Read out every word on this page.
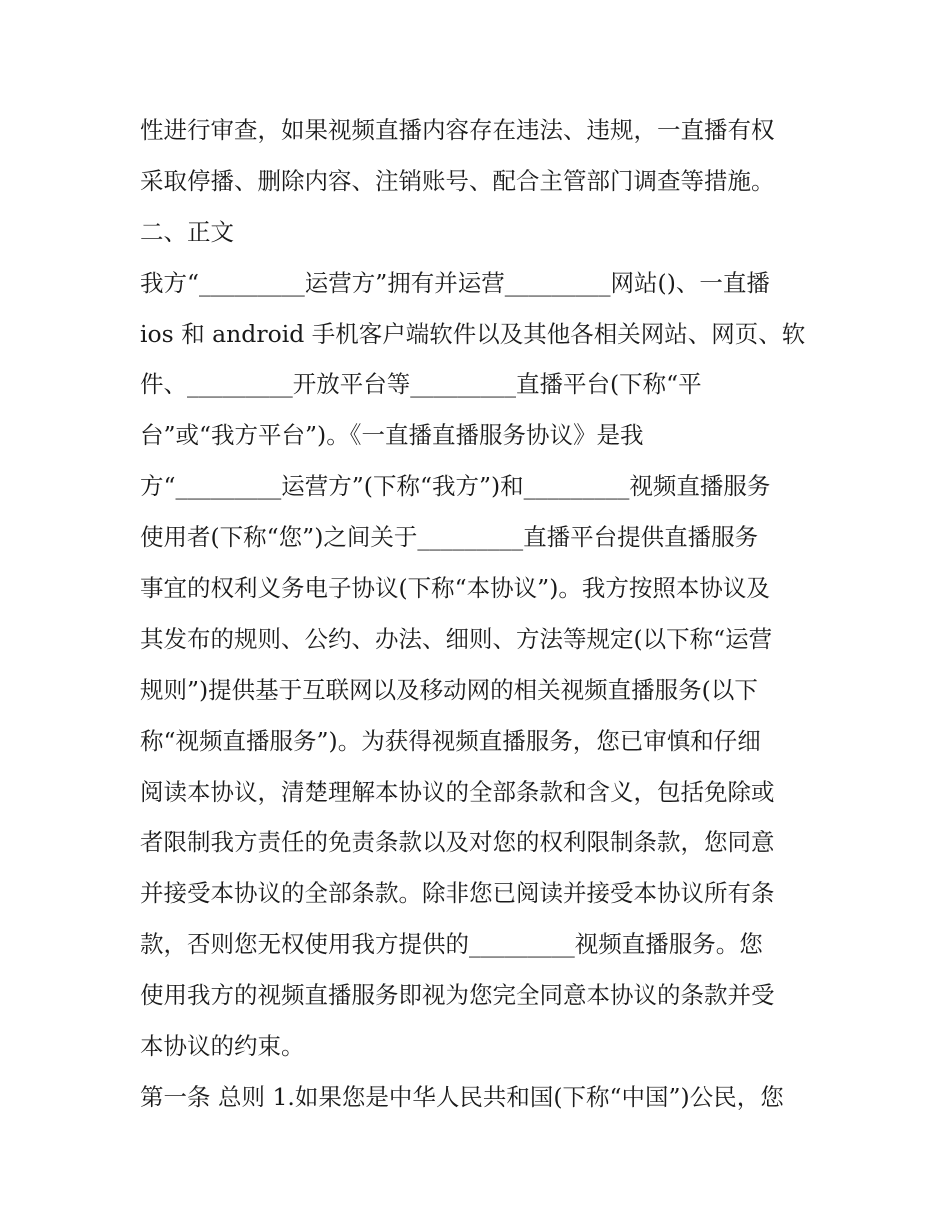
性进行审查，如果视频直播内容存在违法、违规，一直播有权
采取停播、删除内容、注销账号、配合主管部门调查等措施。
二、正文
我方“_________运营方”拥有并运营_________网站()、一直播
ios 和 android 手机客户端软件以及其他各相关网站、网页、软
件、_________开放平台等_________直播平台(下称“平
台”或“我方平台”)。《一直播直播服务协议》是我
方“_________运营方”(下称“我方”)和_________视频直播服务
使用者(下称“您”)之间关于_________直播平台提供直播服务
事宜的权利义务电子协议(下称“本协议”)。我方按照本协议及
其发布的规则、公约、办法、细则、方法等规定(以下称“运营
规则”)提供基于互联网以及移动网的相关视频直播服务(以下
称“视频直播服务”)。为获得视频直播服务，您已审慎和仔细
阅读本协议，清楚理解本协议的全部条款和含义，包括免除或
者限制我方责任的免责条款以及对您的权利限制条款，您同意
并接受本协议的全部条款。除非您已阅读并接受本协议所有条
款，否则您无权使用我方提供的_________视频直播服务。您
使用我方的视频直播服务即视为您完全同意本协议的条款并受
本协议的约束。
第一条 总则 1.如果您是中华人民共和国(下称“中国”)公民，您
